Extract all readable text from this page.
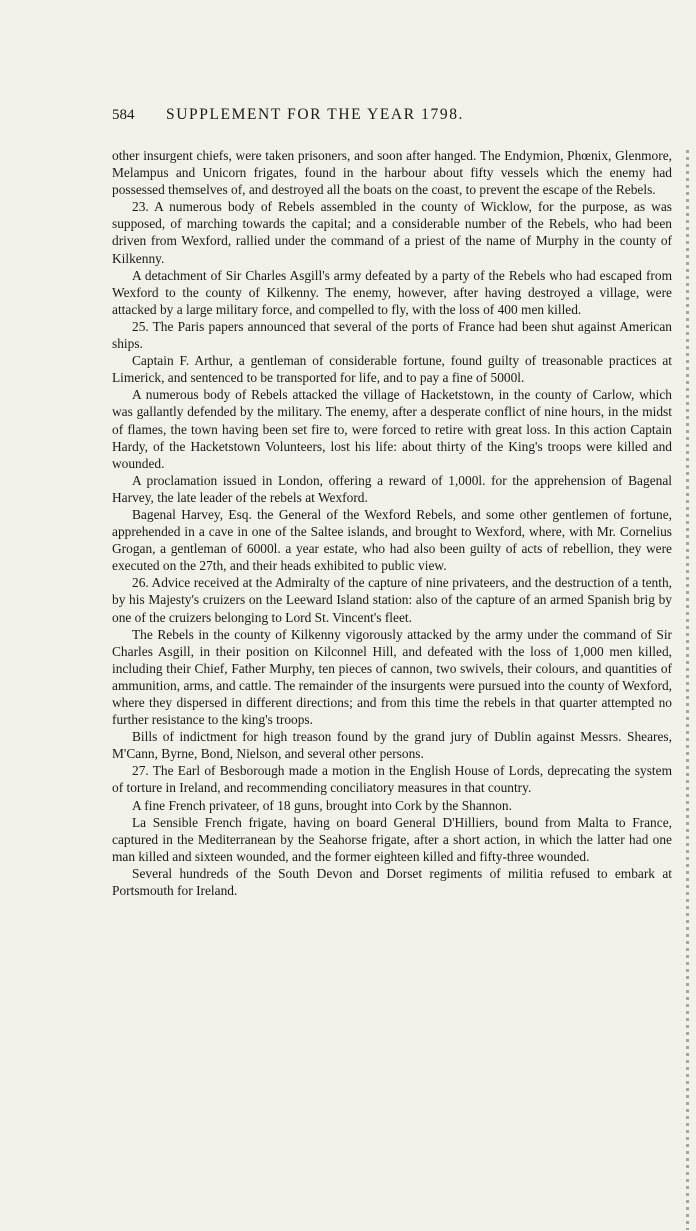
584	SUPPLEMENT FOR THE YEAR 1798.

other insurgent chiefs, were taken prisoners, and soon after hanged. The Endymion, Phœnix, Glenmore, Melampus and Unicorn frigates, found in the harbour about fifty vessels which the enemy had possessed themselves of, and destroyed all the boats on the coast, to prevent the escape of the Rebels.

23. A numerous body of Rebels assembled in the county of Wicklow, for the purpose, as was supposed, of marching towards the capital; and a considerable number of the Rebels, who had been driven from Wexford, rallied under the command of a priest of the name of Murphy in the county of Kilkenny.

A detachment of Sir Charles Asgill's army defeated by a party of the Rebels who had escaped from Wexford to the county of Kilkenny. The enemy, however, after having destroyed a village, were attacked by a large military force, and compelled to fly, with the loss of 400 men killed.

25. The Paris papers announced that several of the ports of France had been shut against American ships.

Captain F. Arthur, a gentleman of considerable fortune, found guilty of treasonable practices at Limerick, and sentenced to be transported for life, and to pay a fine of 5000l.

A numerous body of Rebels attacked the village of Hacketstown, in the county of Carlow, which was gallantly defended by the military. The enemy, after a desperate conflict of nine hours, in the midst of flames, the town having been set fire to, were forced to retire with great loss. In this action Captain Hardy, of the Hacketstown Volunteers, lost his life: about thirty of the King's troops were killed and wounded.

A proclamation issued in London, offering a reward of 1,000l. for the apprehension of Bagenal Harvey, the late leader of the rebels at Wexford.

Bagenal Harvey, Esq. the General of the Wexford Rebels, and some other gentlemen of fortune, apprehended in a cave in one of the Saltee islands, and brought to Wexford, where, with Mr. Cornelius Grogan, a gentleman of 6000l. a year estate, who had also been guilty of acts of rebellion, they were executed on the 27th, and their heads exhibited to public view.

26. Advice received at the Admiralty of the capture of nine privateers, and the destruction of a tenth, by his Majesty's cruizers on the Leeward Island station: also of the capture of an armed Spanish brig by one of the cruizers belonging to Lord St. Vincent's fleet.

The Rebels in the county of Kilkenny vigorously attacked by the army under the command of Sir Charles Asgill, in their position on Kilconnel Hill, and defeated with the loss of 1,000 men killed, including their Chief, Father Murphy, ten pieces of cannon, two swivels, their colours, and quantities of ammunition, arms, and cattle. The remainder of the insurgents were pursued into the county of Wexford, where they dispersed in different directions; and from this time the rebels in that quarter attempted no further resistance to the king's troops.

Bills of indictment for high treason found by the grand jury of Dublin against Messrs. Sheares, M'Cann, Byrne, Bond, Nielson, and several other persons.

27. The Earl of Besborough made a motion in the English House of Lords, deprecating the system of torture in Ireland, and recommending conciliatory measures in that country.

A fine French privateer, of 18 guns, brought into Cork by the Shannon.

La Sensible French frigate, having on board General D'Hilliers, bound from Malta to France, captured in the Mediterranean by the Seahorse frigate, after a short action, in which the latter had one man killed and sixteen wounded, and the former eighteen killed and fifty-three wounded.

Several hundreds of the South Devon and Dorset regiments of militia refused to embark at Portsmouth for Ireland.
